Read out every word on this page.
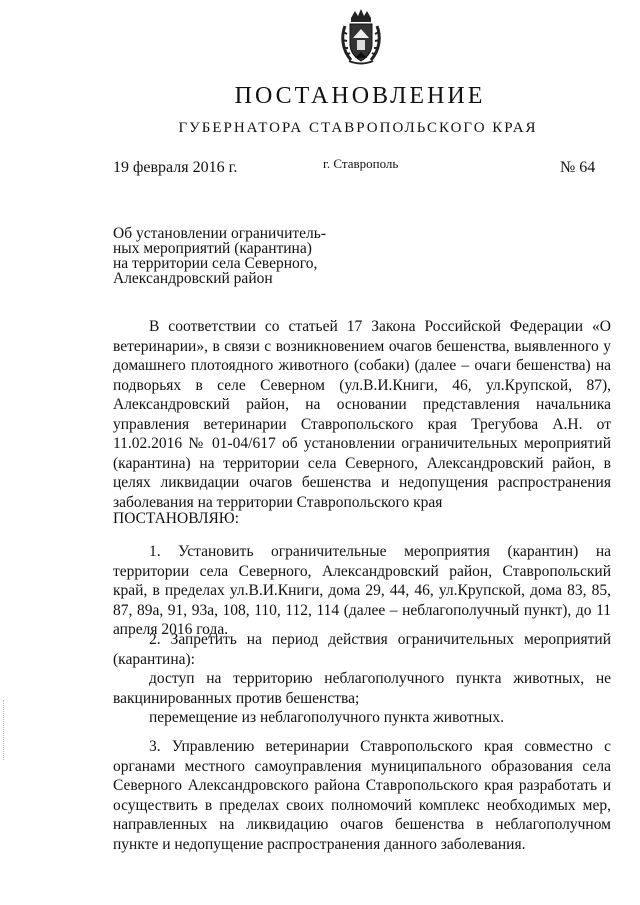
ПОСТАНОВЛЕНИЕ
ГУБЕРНАТОРА СТАВРОПОЛЬСКОГО КРАЯ
19 февраля 2016 г.	г. Ставрополь	№ 64
Об установлении ограничитель-
ных мероприятий (карантина)
на территории села Северного,
Александровский район

В соответствии со статьей 17 Закона Российской Федерации «О ветеринарии», в связи с возникновением очагов бешенства, выявленного у домашнего плотоядного животного (собаки) (далее – очаги бешенства) на подворьях в селе Северном (ул.В.И.Книги, 46, ул.Крупской, 87), Александровский район, на основании представления начальника управления ветеринарии Ставропольского края Трегубова А.Н. от 11.02.2016 № 01-04/617 об установлении ограничительных мероприятий (карантина) на территории села Северного, Александровский район, в целях ликвидации очагов бешенства и недопущения распространения заболевания на территории Ставропольского края

ПОСТАНОВЛЯЮ:

1. Установить ограничительные мероприятия (карантин) на территории села Северного, Александровский район, Ставропольский край, в пределах ул.В.И.Книги, дома 29, 44, 46, ул.Крупской, дома 83, 85, 87, 89а, 91, 93а, 108, 110, 112, 114 (далее – неблагополучный пункт), до 11 апреля 2016 года.

2. Запретить на период действия ограничительных мероприятий (карантина):

доступ на территорию неблагополучного пункта животных, не вакцинированных против бешенства;

перемещение из неблагополучного пункта животных.

3. Управлению ветеринарии Ставропольского края совместно с органами местного самоуправления муниципального образования села Северного Александровского района Ставропольского края разработать и осуществить в пределах своих полномочий комплекс необходимых мер, направленных на ликвидацию очагов бешенства в неблагополучном пункте и недопущение распространения данного заболевания.
